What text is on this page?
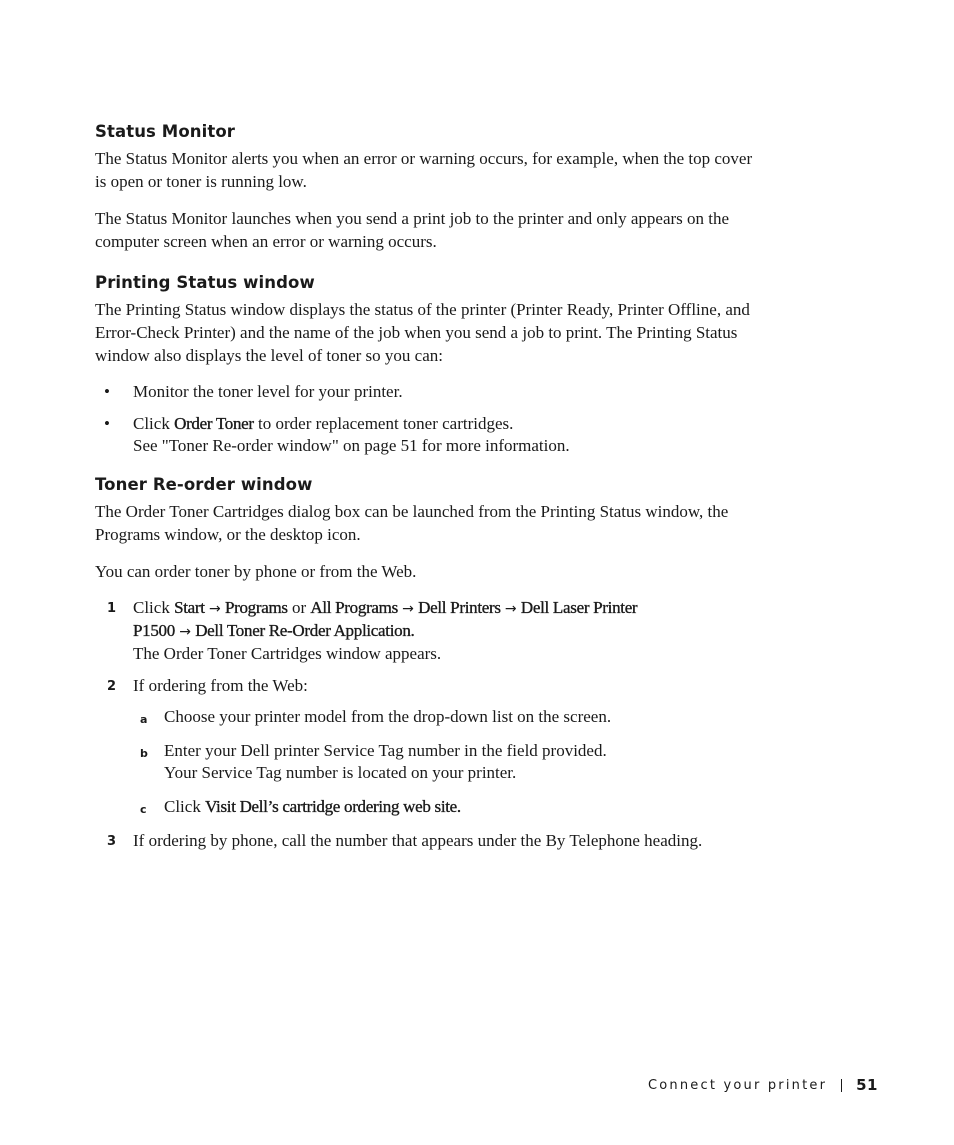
Status Monitor

The Status Monitor alerts you when an error or warning occurs, for example, when the top cover is open or toner is running low.

The Status Monitor launches when you send a print job to the printer and only appears on the computer screen when an error or warning occurs.

Printing Status window

The Printing Status window displays the status of the printer (Printer Ready, Printer Offline, and Error-Check Printer) and the name of the job when you send a job to print. The Printing Status window also displays the level of toner so you can:

• Monitor the toner level for your printer.
• Click Order Toner to order replacement toner cartridges.
See "Toner Re-order window" on page 51 for more information.
Toner Re-order window

The Order Toner Cartridges dialog box can be launched from the Printing Status window, the Programs window, or the desktop icon.

You can order toner by phone or from the Web.

1 Click Start → Programs or All Programs → Dell Printers → Dell Laser Printer
P1500 → Dell Toner Re-Order Application.
The Order Toner Cartridges window appears.
2 If ordering from the Web:
a Choose your printer model from the drop-down list on the screen.
b Enter your Dell printer Service Tag number in the field provided.
Your Service Tag number is located on your printer.
c Click Visit Dell’s cartridge ordering web site.
3 If ordering by phone, call the number that appears under the By Telephone heading.
Connect your printer 51
